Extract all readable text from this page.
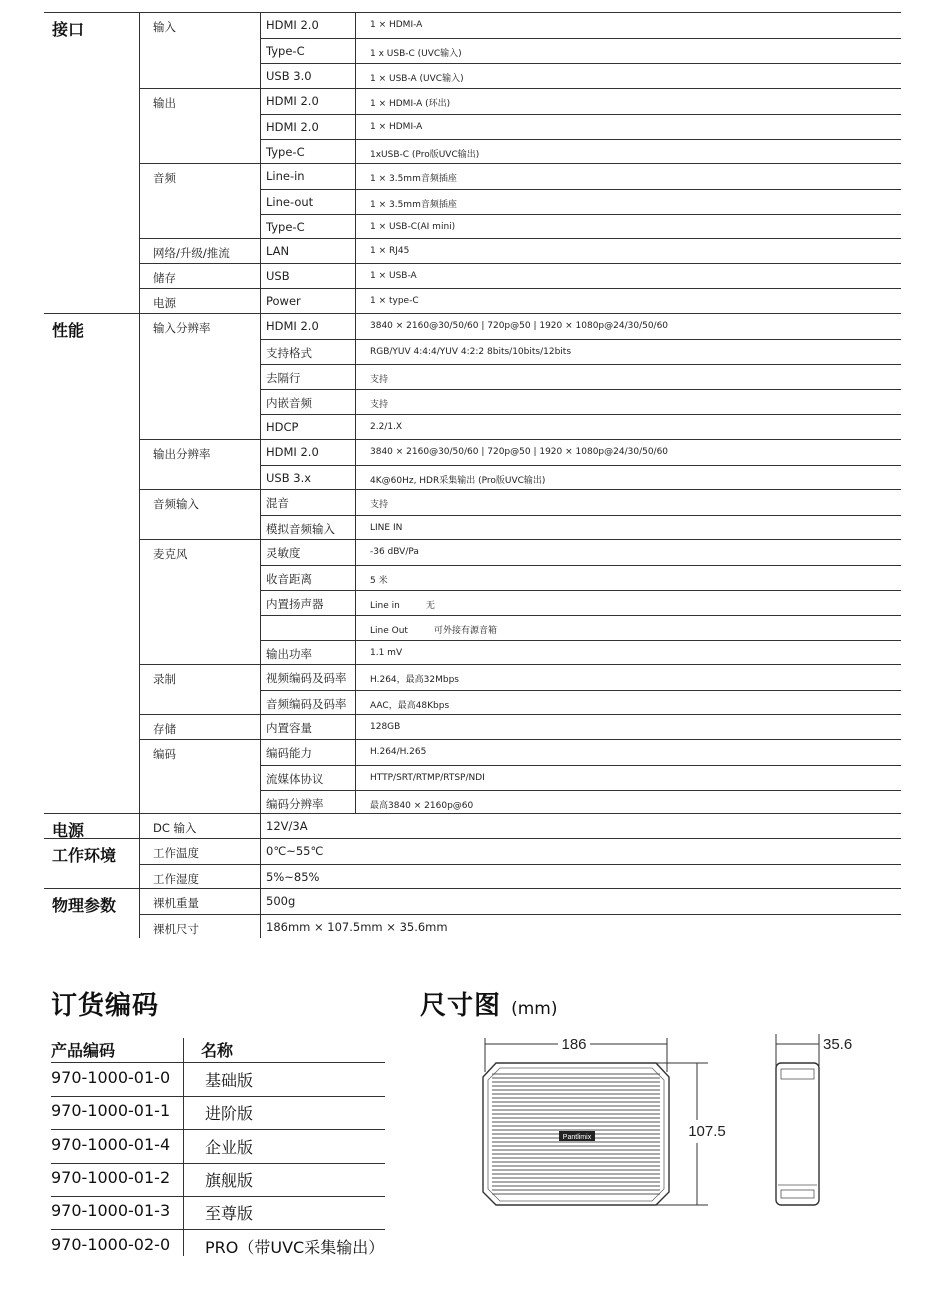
接口	输入	HDMI 2.0	1 × HDMI-A
Type-C	1 x USB-C (UVC输入)
USB 3.0	1 × USB-A (UVC输入)
输出	HDMI 2.0	1 × HDMI-A (环出)
HDMI 2.0	1 × HDMI-A
Type-C	1xUSB-C (Pro版UVC输出)
音频	Line-in	1 × 3.5mm音频插座
Line-out	1 × 3.5mm音频插座
Type-C	1 × USB-C(AI mini)
网络/升级/推流	LAN	1 × RJ45
储存	USB	1 × USB-A
电源	Power	1 × type-C
性能	输入分辨率	HDMI 2.0	3840 × 2160@30/50/60 | 720p@50 | 1920 × 1080p@24/30/50/60
支持格式	RGB/YUV 4:4:4/YUV 4:2:2 8bits/10bits/12bits
去隔行	支持
内嵌音频	支持
HDCP	2.2/1.X
输出分辨率	HDMI 2.0	3840 × 2160@30/50/60 | 720p@50 | 1920 × 1080p@24/30/50/60
USB 3.x	4K@60Hz, HDR采集输出 (Pro版UVC输出)
音频输入	混音	支持
模拟音频输入	LINE IN
麦克风	灵敏度	-36 dBV/Pa
收音距离	5 米
内置扬声器	Line in	无
Line Out	可外接有源音箱
输出功率	1.1 mV
录制	视频编码及码率	H.264，最高32Mbps
音频编码及码率	AAC，最高48Kbps
存储	内置容量	128GB
编码	编码能力	H.264/H.265
流媒体协议	HTTP/SRT/RTMP/RTSP/NDI
编码分辨率	最高3840 × 2160p@60
电源	DC 输入	12V/3A
工作环境	工作温度	0℃~55℃
工作湿度	5%~85%
物理参数	裸机重量	500g
裸机尺寸	186mm × 107.5mm × 35.6mm
订货编码
产品编码	名称
970-1000-01-0 基础版
970-1000-01-1 进阶版
970-1000-01-4 企业版
970-1000-01-2 旗舰版
970-1000-01-3 至尊版
970-1000-02-0 PRO（带UVC采集输出）
尺寸图 (mm)
186
107.5
35.6
Pantlimix
